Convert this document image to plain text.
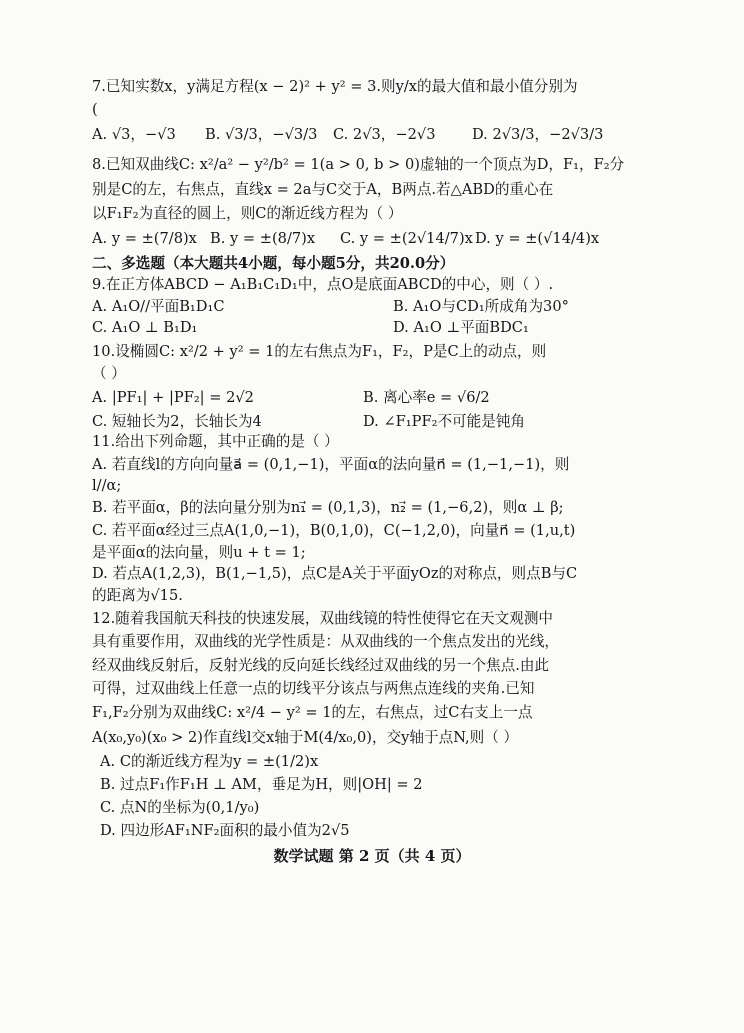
7.已知实数x，y满足方程(x − 2)² + y² = 3.则y/x的最大值和最小值分别为
(
A. √3，−√3 B. √3/3，−√3/3 C. 2√3，−2√3	D. 2√3/3，−2√3/3
8.已知双曲线C: x²/a² − y²/b² = 1(a > 0, b > 0)虚轴的一个顶点为D，F₁，F₂分
别是C的左，右焦点，直线x = 2a与C交于A，B两点.若△ABD的重心在
以F₁F₂为直径的圆上，则C的渐近线方程为（ ）
A. y = ±(7/8)x B. y = ±(8/7)x C. y = ±(2√14/7)x D. y = ±(√14/4)x
二、多选题（本大题共4小题，每小题5分，共20.0分）
9.在正方体ABCD − A₁B₁C₁D₁中，点O是底面ABCD的中心，则（ ）.
A. A₁O//平面B₁D₁C	B. A₁O与CD₁所成角为30°
C. A₁O ⊥ B₁D₁	D. A₁O ⊥平面BDC₁
10.设椭圆C: x²/2 + y² = 1的左右焦点为F₁，F₂，P是C上的动点，则
（ ）
A. |PF₁| + |PF₂| = 2√2	B. 离心率e = √6/2
C. 短轴长为2，长轴长为4	D. ∠F₁PF₂不可能是钝角
11.给出下列命题，其中正确的是（ ）
A. 若直线l的方向向量a⃗ = (0,1,−1)，平面α的法向量n⃗ = (1,−1,−1)，则
l//α;
B. 若平面α，β的法向量分别为n₁⃗ = (0,1,3)，n₂⃗ = (1,−6,2)，则α ⊥ β;
C. 若平面α经过三点A(1,0,−1)，B(0,1,0)，C(−1,2,0)，向量n⃗ = (1,u,t)
是平面α的法向量，则u + t = 1;
D. 若点A(1,2,3)，B(1,−1,5)，点C是A关于平面yOz的对称点，则点B与C
的距离为√15.
12.随着我国航天科技的快速发展，双曲线镜的特性使得它在天文观测中
具有重要作用，双曲线的光学性质是：从双曲线的一个焦点发出的光线，
经双曲线反射后，反射光线的反向延长线经过双曲线的另一个焦点.由此
可得，过双曲线上任意一点的切线平分该点与两焦点连线的夹角.已知
F₁,F₂分别为双曲线C: x²/4 − y² = 1的左，右焦点，过C右支上一点
A(x₀,y₀)(x₀ > 2)作直线l交x轴于M(4/x₀,0)，交y轴于点N,则（ ）
A. C的渐近线方程为y = ±(1/2)x
B. 过点F₁作F₁H ⊥ AM，垂足为H，则|OH| = 2
C. 点N的坐标为(0,1/y₀)
D. 四边形AF₁NF₂面积的最小值为2√5
数学试题 第 2 页（共 4 页）
